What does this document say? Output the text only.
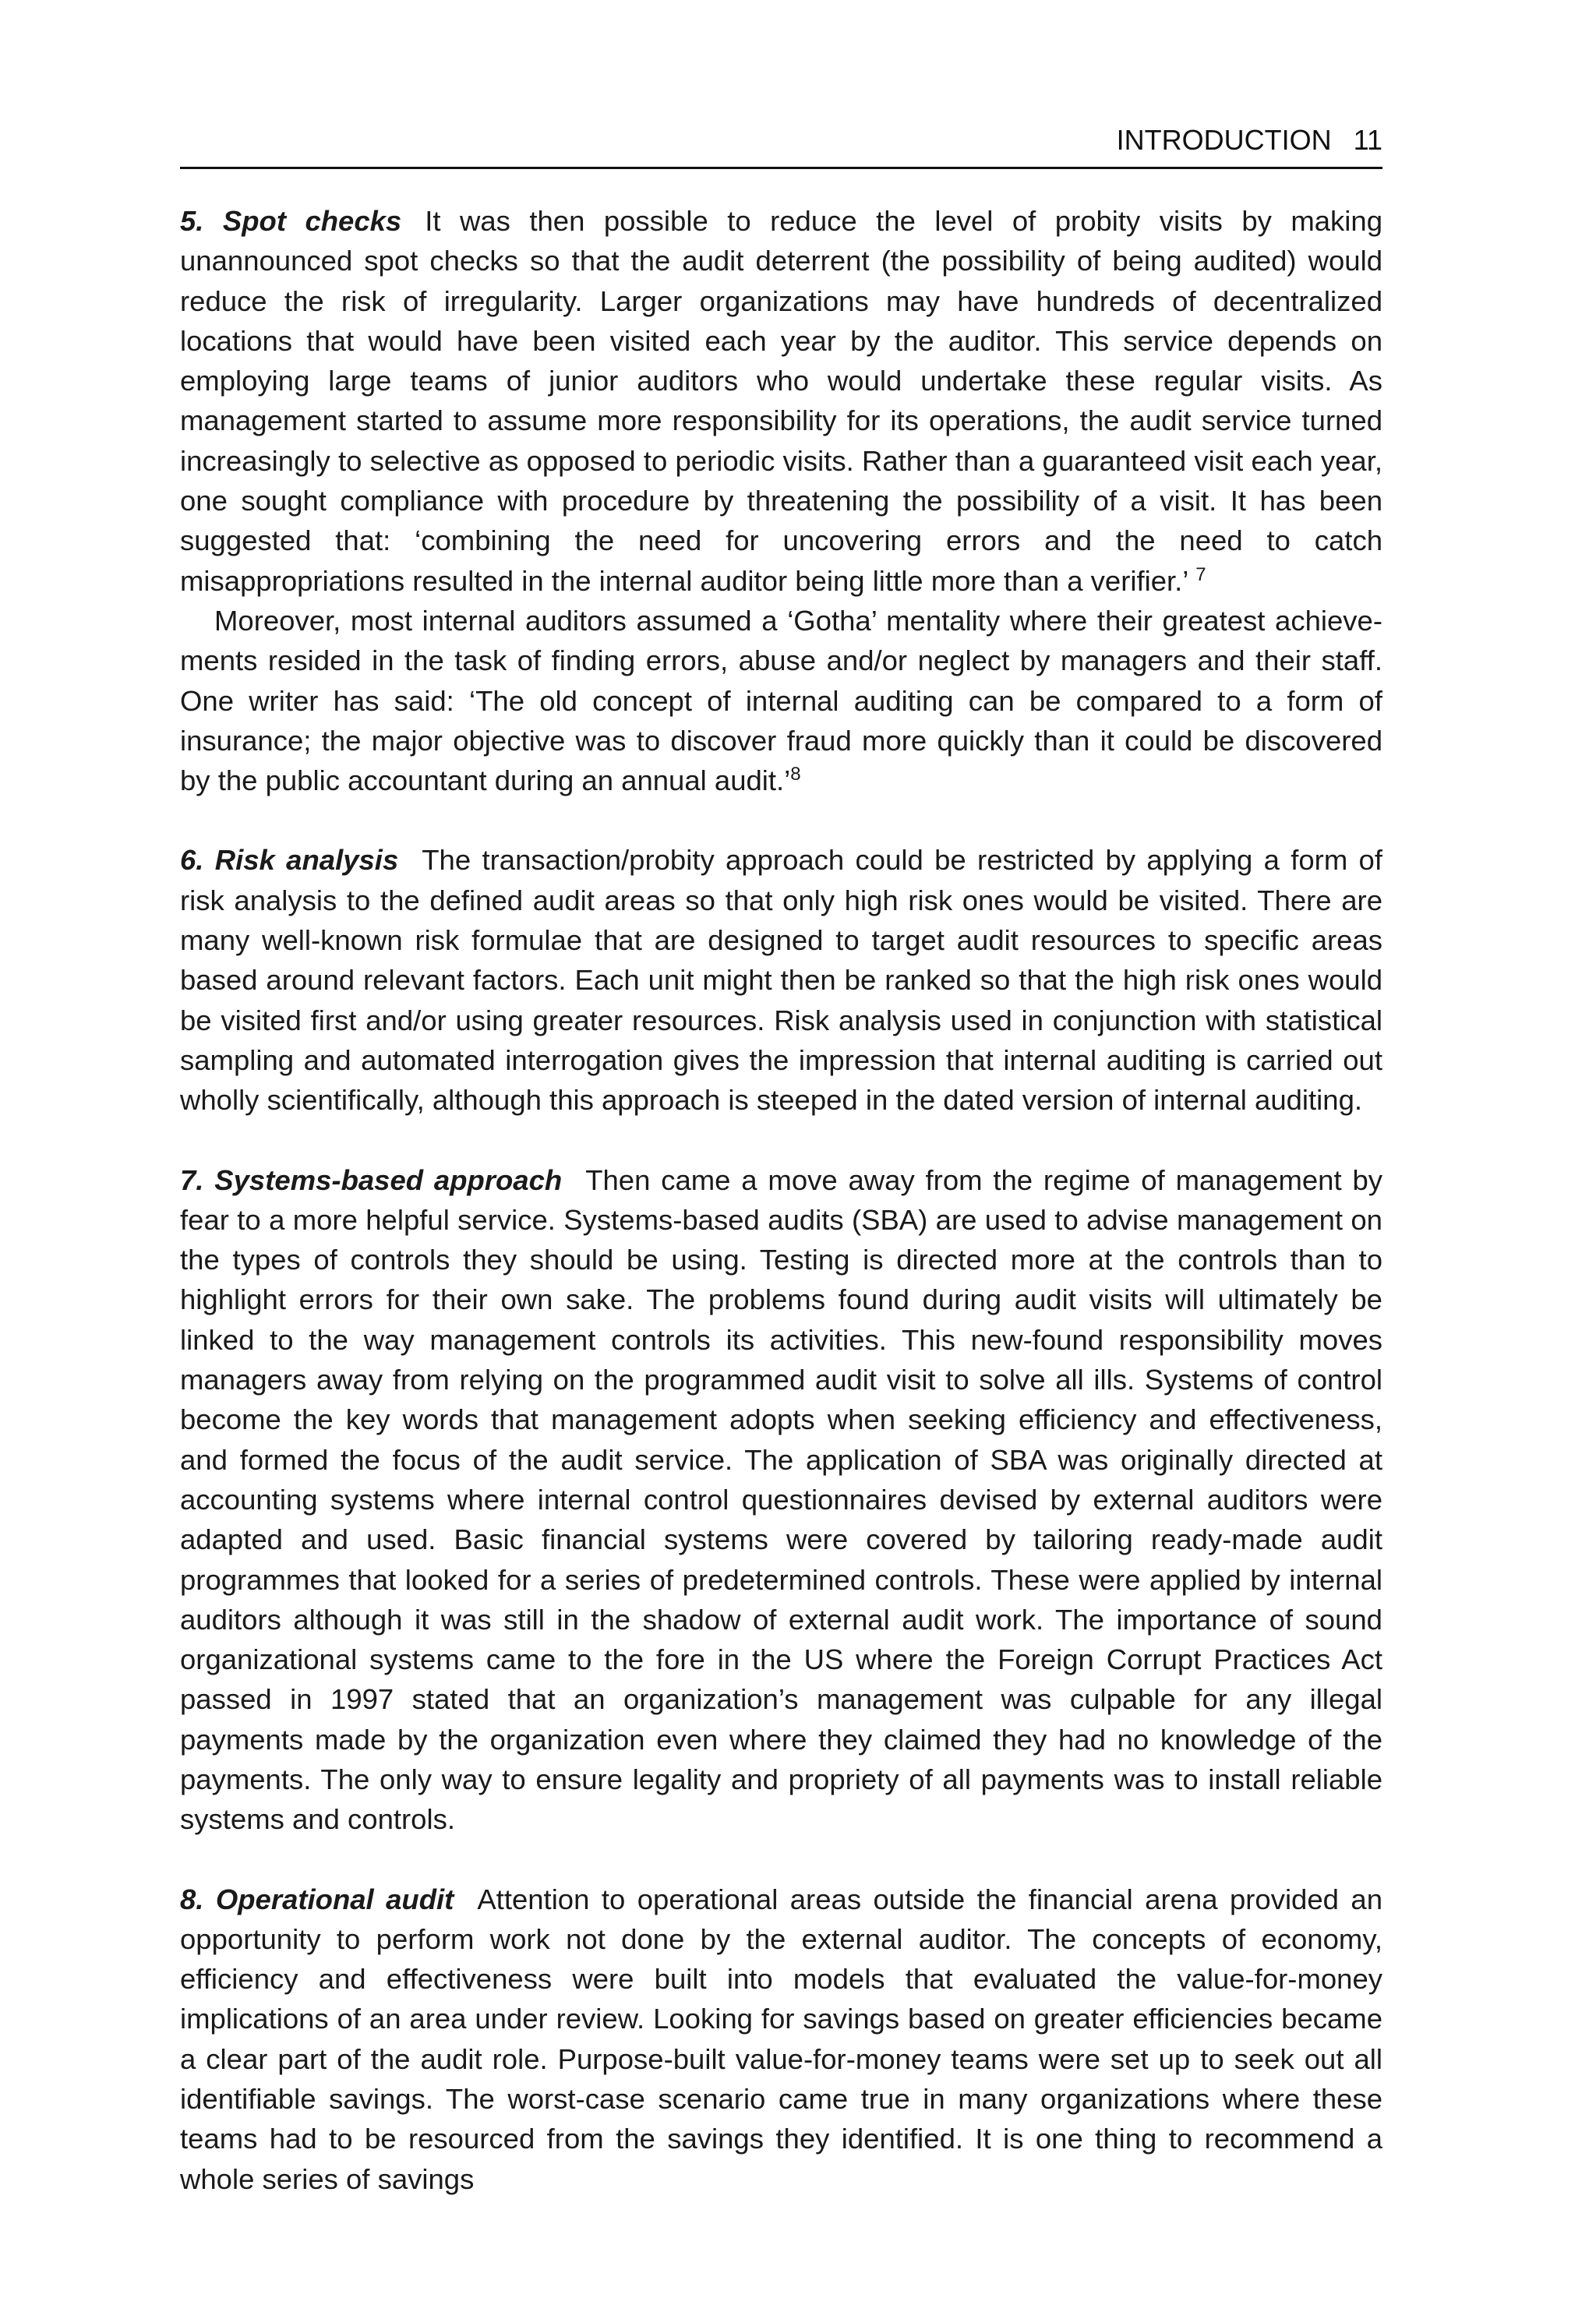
INTRODUCTION 11

5. Spot checks It was then possible to reduce the level of probity visits by making unannounced spot checks so that the audit deterrent (the possibility of being audited) would reduce the risk of irregularity. Larger organizations may have hundreds of decentralized locations that would have been visited each year by the auditor. This service depends on employing large teams of junior auditors who would undertake these regular visits. As management started to assume more responsibility for its operations, the audit service turned increasingly to selective as opposed to periodic visits. Rather than a guaranteed visit each year, one sought compliance with procedure by threatening the possibility of a visit. It has been suggested that: ‘combining the need for uncovering errors and the need to catch misappropriations resulted in the internal auditor being little more than a verifier.’ $^7$

Moreover, most internal auditors assumed a ‘Gotha’ mentality where their greatest achievements resided in the task of finding errors, abuse and/or neglect by managers and their staff. One writer has said: ‘The old concept of internal auditing can be compared to a form of insurance; the major objective was to discover fraud more quickly than it could be discovered by the public accountant during an annual audit.’$^8$

6. Risk analysis The transaction/probity approach could be restricted by applying a form of risk analysis to the defined audit areas so that only high risk ones would be visited. There are many well-known risk formulae that are designed to target audit resources to specific areas based around relevant factors. Each unit might then be ranked so that the high risk ones would be visited first and/or using greater resources. Risk analysis used in conjunction with statistical sampling and automated interrogation gives the impression that internal auditing is carried out wholly scientifically, although this approach is steeped in the dated version of internal auditing.

7. Systems-based approach Then came a move away from the regime of management by fear to a more helpful service. Systems-based audits (SBA) are used to advise management on the types of controls they should be using. Testing is directed more at the controls than to highlight errors for their own sake. The problems found during audit visits will ultimately be linked to the way management controls its activities. This new-found responsibility moves managers away from relying on the programmed audit visit to solve all ills. Systems of control become the key words that management adopts when seeking efficiency and effectiveness, and formed the focus of the audit service. The application of SBA was originally directed at accounting systems where internal control questionnaires devised by external auditors were adapted and used. Basic financial systems were covered by tailoring ready-made audit programmes that looked for a series of predetermined controls. These were applied by internal auditors although it was still in the shadow of external audit work. The importance of sound organizational systems came to the fore in the US where the Foreign Corrupt Practices Act passed in 1997 stated that an organization’s management was culpable for any illegal payments made by the organization even where they claimed they had no knowledge of the payments. The only way to ensure legality and propriety of all payments was to install reliable systems and controls.

8. Operational audit Attention to operational areas outside the financial arena provided an opportunity to perform work not done by the external auditor. The concepts of economy, efficiency and effectiveness were built into models that evaluated the value-for-money implications of an area under review. Looking for savings based on greater efficiencies became a clear part of the audit role. Purpose-built value-for-money teams were set up to seek out all identifiable savings. The worst-case scenario came true in many organizations where these teams had to be resourced from the savings they identified. It is one thing to recommend a whole series of savings
